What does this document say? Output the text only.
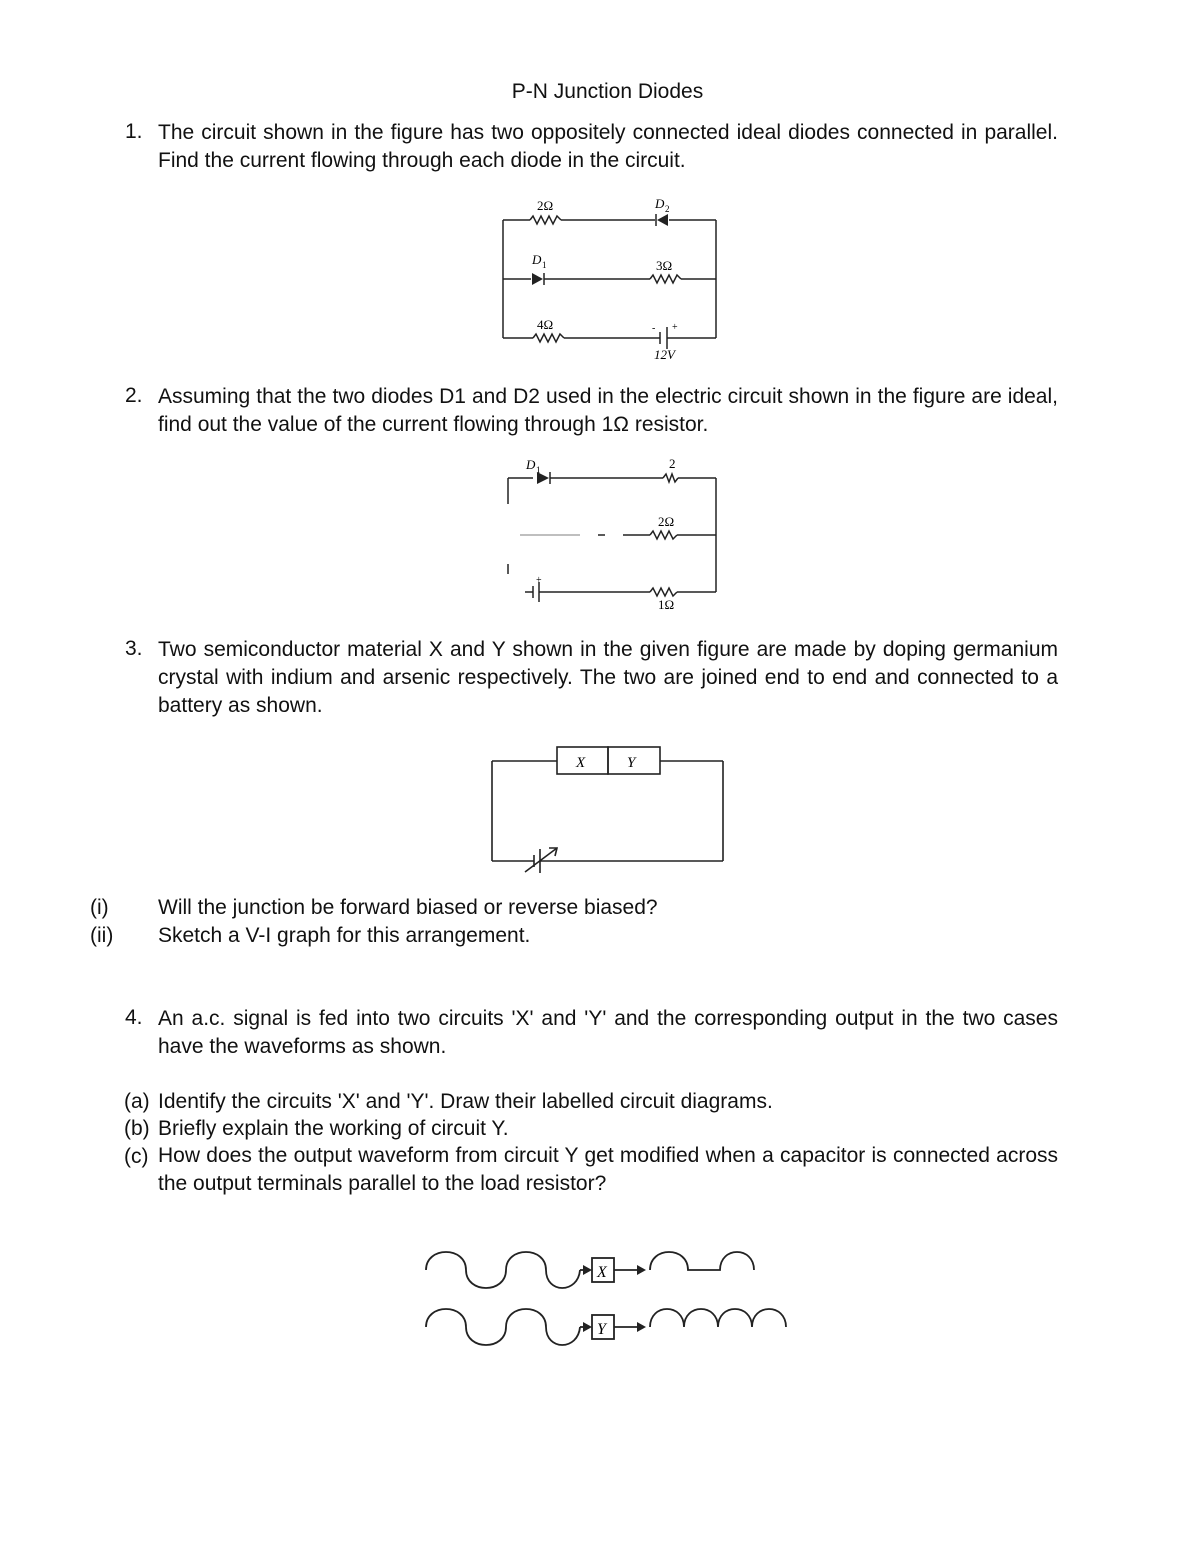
P-N Junction Diodes
1. The circuit shown in the figure has two oppositely connected ideal diodes connected in parallel. Find the current flowing through each diode in the circuit.
2Ω	D 2
D 1	3Ω
4Ω	+
-
12V
2. Assuming that the two diodes D1 and D2 used in the electric circuit shown in the figure are ideal, find out the value of the current flowing through 1Ω resistor.
D 1	2
2Ω
1Ω
+
3. Two semiconductor material X and Y shown in the given figure are made by doping germanium crystal with indium and arsenic respectively. The two are joined end to end and connected to a battery as shown.
X	Y
(i) Will the junction be forward biased or reverse biased?
(ii) Sketch a V-I graph for this arrangement.
4. An a.c. signal is fed into two circuits 'X' and 'Y' and the corresponding output in the two cases have the waveforms as shown.
(a) Identify the circuits 'X' and 'Y'. Draw their labelled circuit diagrams.
(b) Briefly explain the working of circuit Y.
(c) How does the output waveform from circuit Y get modified when a capacitor is connected across the output terminals parallel to the load resistor?
X
Y
